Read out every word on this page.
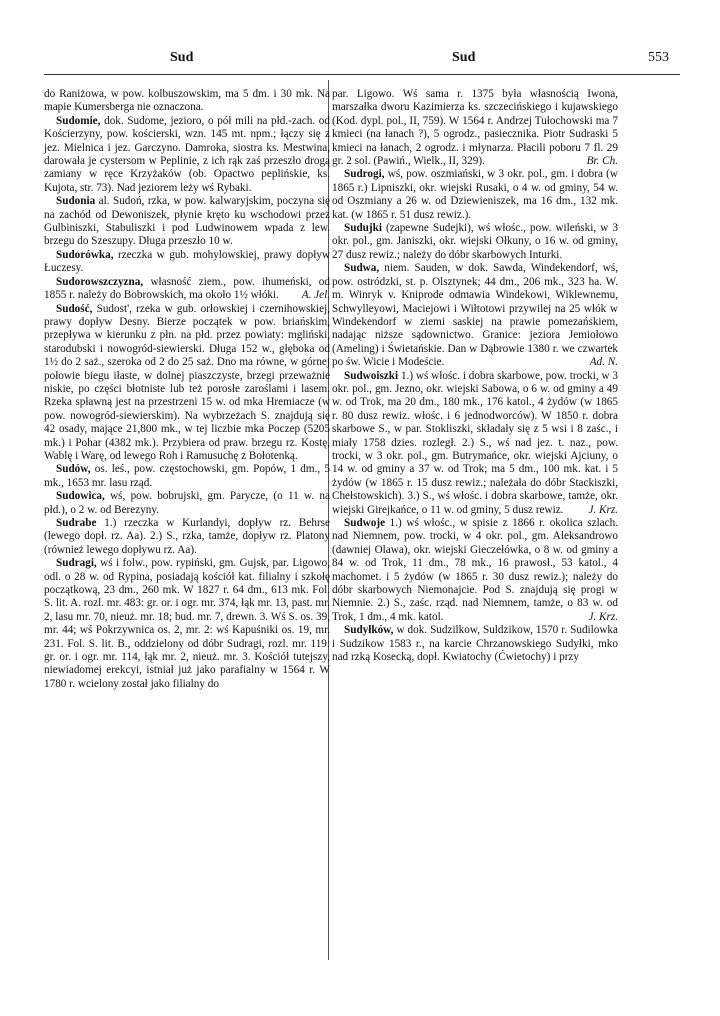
Sud	Sud	553

do Raniżowa, w pow. kolbuszowskim, ma 5 dm. i 30 mk. Na mapie Kumersberga nie oznaczona.

Sudomie, dok. Sudome, jezioro, o pół mili na płd.-zach. od Kościerzyny, pow. kościerski, wzn. 145 mt. npm.; łączy się z jez. Mielnica i jez. Garczyno. Damroka, siostra ks. Mestwina, darowała je cystersom w Peplinie, z ich rąk zaś przeszło drogą zamiany w ręce Krzyżaków (ob. Opactwo peplińskie, ks. Kujota, str. 73). Nad jeziorem leży wś Rybaki.

Sudonia al. Sudoń, rzka, w pow. kalwaryjskim, poczyna się na zachód od Dewoniszek, płynie kręto ku wschodowi przez Gulbiniszki, Stabuliszki i pod Ludwinowem wpada z lew. brzegu do Szeszupy. Długa przeszło 10 w.

Sudorówka, rzeczka w gub. mohylowskiej, prawy dopływ Łuczesy.

Sudorowszczyzna, własność ziem., pow. ihumeński, od 1855 r. należy do Bobrowskich, ma około 1½ włóki.	A. Jel.

Sudość, Sudost', rzeka w gub. orłowskiej i czernihowskiej, prawy dopływ Desny. Bierze początek w pow. briańskim, przepływa w kierunku z płn. na płd. przez powiaty: mgliński, starodubski i nowogród-siewierski. Długa 152 w., głęboka od 1½ do 2 saż., szeroka od 2 do 25 saż. Dno ma równe, w górnej połowie biegu iłaste, w dolnej piaszczyste, brzegi przeważnie niskie, po części błotniste lub też porosłe zaroślami i lasem. Rzeka spławną jest na przestrzeni 15 w. od mka Hremiacze (w pow. nowogród-siewierskim). Na wybrzeżach S. znajdują się 42 osady, mające 21,800 mk., w tej liczbie mka Poczep (5205 mk.) i Pohar (4382 mk.). Przybiera od praw. brzegu rz. Kostę, Wablę i Warę, od lewego Roh i Ramusuchę z Bołotenką.

Sudów, os. leś., pow. częstochowski, gm. Popów, 1 dm., 5 mk., 1653 mr. lasu rząd.

Sudowica, wś, pow. bobrujski, gm. Parycze, (o 11 w. na płd.), o 2 w. od Berezyny.

Sudrabe 1.) rzeczka w Kurlandyi, dopływ rz. Behrse (lewego dopł. rz. Aa). 2.) S., rzka, tamże, dopływ rz. Platony (również lewego dopływu rz. Aa).

Sudragi, wś i folw., pow. rypiński, gm. Gujsk, par. Ligowo, odl. o 28 w. od Rypina, posiadają kościół kat. filialny i szkołę początkową, 23 dm., 260 mk. W 1827 r. 64 dm., 613 mk. Fol. S. lit. A. rozl. mr. 483: gr. or. i ogr. mr. 374, łąk mr. 13, past. mr. 2, lasu mr. 70, nieuż. mr. 18; bud. mr. 7, drewn. 3. Wś S. os. 39, mr. 44; wś Pokrzywnica os. 2, mr. 2: wś Kapuśniki os. 19, mr. 231. Fol. S. lit. B., oddzielony od dóbr Sudragi, rozl. mr. 119: gr. or. i ogr. mr. 114, łąk mr. 2, nieuż. mr. 3. Kościół tutejszy, niewiadomej erekcyi, istniał już jako parafialny w 1564 r. W 1780 r. wcielony został jako filialny do

par. Ligowo. Wś sama r. 1375 była własnością Iwona, marszałka dworu Kazimierza ks. szczecińskiego i kujawskiego (Kod. dypl. pol., II, 759). W 1564 r. Andrzej Tułochowski ma 7 kmieci (na łanach ?), 5 ogrodz., pasiecznika. Piotr Sudraski 5 kmieci na łanach, 2 ogrodz. i młynarza. Płacili poboru 7 fl. 29 gr. 2 sol. (Pawiń., Wielk., II, 329).	Br. Ch.

Sudrogi, wś, pow. oszmiański, w 3 okr. pol., gm. i dobra (w 1865 r.) Lipniszki, okr. wiejski Rusaki, o 4 w. od gminy, 54 w. od Oszmiany a 26 w. od Dziewieniszek, ma 16 dm., 132 mk. kat. (w 1865 r. 51 dusz rewiz.).

Sudujki (zapewne Sudejki), wś włośc., pow. wileński, w 3 okr. pol., gm. Janiszki, okr. wiejski Ołkuny, o 16 w. od gminy, 27 dusz rewiz.; należy do dóbr skarbowych Inturki.

Sudwa, niem. Sauden, w dok. Sawda, Windekendorf, wś, pow. ostródzki, st. p. Olsztynek; 44 dm., 206 mk., 323 ha. W. m. Winryk v. Kniprode odmawia Windekowi, Wiklewnemu, Schwylleyowi, Maciejowi i Wiłtotowi przywilej na 25 włók w Windekendorf w ziemi saskiej na prawie pomezańskiem, nadając niższe sądownictwo. Granice: jeziora Jemiołowo (Ameling) i Świetańskie. Dan w Dąbrowie 1380 r. we czwartek po św. Wicie i Modeście.	Ad. N.

Sudwoiszki 1.) wś włośc. i dobra skarbowe, pow. trocki, w 3 okr. pol., gm. Jezno, okr. wiejski Sabowa, o 6 w. od gminy a 49 w. od Trok, ma 20 dm., 180 mk., 176 katol., 4 żydów (w 1865 r. 80 dusz rewiz. włośc. i 6 jednodworców). W 1850 r. dobra skarbowe S., w par. Stokliszki, składały się z 5 wsi i 8 zaśc., i miały 1758 dzies. rozległ. 2.) S., wś nad jez. t. naz., pow. trocki, w 3 okr. pol., gm. Butrymańce, okr. wiejski Ajciuny, o 14 w. od gminy a 37 w. od Trok; ma 5 dm., 100 mk. kat. i 5 żydów (w 1865 r. 15 dusz rewiz.; należała do dóbr Stackiszki, Chełstowskich). 3.) S., wś włośc. i dobra skarbowe, tamże, okr. wiejski Girejkańce, o 11 w. od gminy, 5 dusz rewiz.	J. Krz.

Sudwoje 1.) wś włośc., w spisie z 1866 r. okolica szlach. nad Niemnem, pow. trocki, w 4 okr. pol., gm. Aleksandrowo (dawniej Olawa), okr. wiejski Gieczełówka, o 8 w. od gminy a 84 w. od Trok, 11 dm., 78 mk., 16 prawosł., 53 katol., 4 machomet. i 5 żydów (w 1865 r. 30 dusz rewiz.); należy do dóbr skarbowych Niemonajcie. Pod S. znajdują się progi w Niemnie. 2.) S., zaśc. rząd. nad Niemnem, tamże, o 83 w. od Trok, 1 dm., 4 mk. katol.	J. Krz.

Sudyłków, w dok. Sudzilkow, Suldzikow, 1570 r. Sudilowka i Sudzikow 1583 r., na karcie Chrzanowskiego Sudyłki, mko nad rzką Kosecką, dopł. Kwiatochy (Ćwietochy) i przy
